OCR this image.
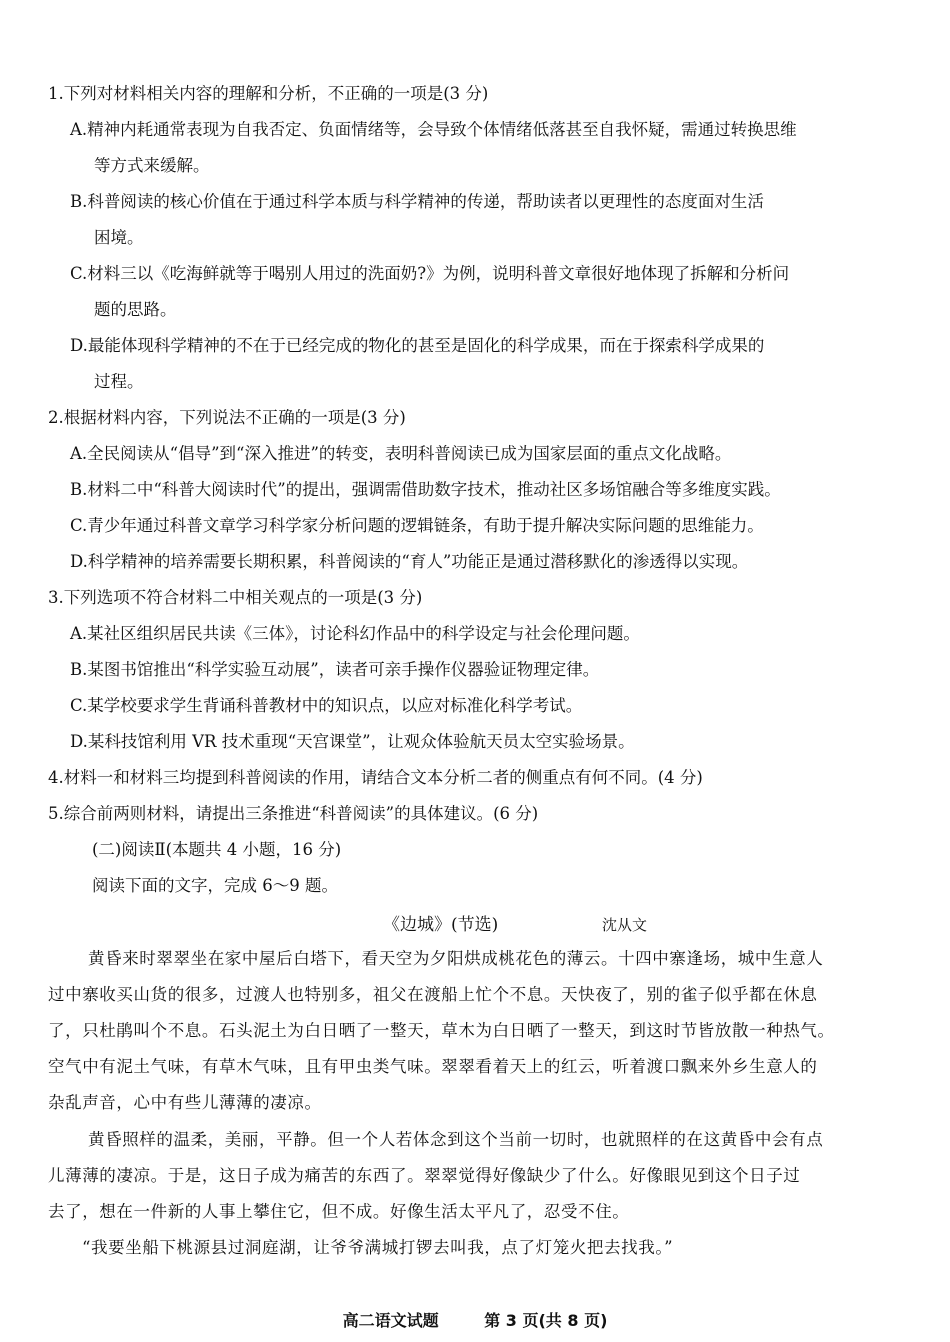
1.下列对材料相关内容的理解和分析，不正确的一项是(3 分)
A.精神内耗通常表现为自我否定、负面情绪等，会导致个体情绪低落甚至自我怀疑，需通过转换思维
等方式来缓解。
B.科普阅读的核心价值在于通过科学本质与科学精神的传递，帮助读者以更理性的态度面对生活
困境。
C.材料三以《吃海鲜就等于喝别人用过的洗面奶?》为例，说明科普文章很好地体现了拆解和分析问
题的思路。
D.最能体现科学精神的不在于已经完成的物化的甚至是固化的科学成果，而在于探索科学成果的
过程。
2.根据材料内容，下列说法不正确的一项是(3 分)
A.全民阅读从“倡导”到“深入推进”的转变，表明科普阅读已成为国家层面的重点文化战略。
B.材料二中“科普大阅读时代”的提出，强调需借助数字技术，推动社区多场馆融合等多维度实践。
C.青少年通过科普文章学习科学家分析问题的逻辑链条，有助于提升解决实际问题的思维能力。
D.科学精神的培养需要长期积累，科普阅读的“育人”功能正是通过潜移默化的渗透得以实现。
3.下列选项不符合材料二中相关观点的一项是(3 分)
A.某社区组织居民共读《三体》，讨论科幻作品中的科学设定与社会伦理问题。
B.某图书馆推出“科学实验互动展”，读者可亲手操作仪器验证物理定律。
C.某学校要求学生背诵科普教材中的知识点，以应对标准化科学考试。
D.某科技馆利用 VR 技术重现“天宫课堂”，让观众体验航天员太空实验场景。
4.材料一和材料三均提到科普阅读的作用，请结合文本分析二者的侧重点有何不同。(4 分)
5.综合前两则材料，请提出三条推进“科普阅读”的具体建议。(6 分)
(二)阅读Ⅱ(本题共 4 小题，16 分)
阅读下面的文字，完成 6～9 题。
《边城》(节选)	沈从文
黄昏来时翠翠坐在家中屋后白塔下，看天空为夕阳烘成桃花色的薄云。十四中寨逢场，城中生意人
过中寨收买山货的很多，过渡人也特别多，祖父在渡船上忙个不息。天快夜了，别的雀子似乎都在休息
了，只杜鹃叫个不息。石头泥土为白日晒了一整天，草木为白日晒了一整天，到这时节皆放散一种热气。
空气中有泥土气味，有草木气味，且有甲虫类气味。翠翠看着天上的红云，听着渡口飘来外乡生意人的
杂乱声音，心中有些儿薄薄的凄凉。
黄昏照样的温柔，美丽，平静。但一个人若体念到这个当前一切时，也就照样的在这黄昏中会有点
儿薄薄的凄凉。于是，这日子成为痛苦的东西了。翠翠觉得好像缺少了什么。好像眼见到这个日子过
去了，想在一件新的人事上攀住它，但不成。好像生活太平凡了，忍受不住。
“我要坐船下桃源县过洞庭湖，让爷爷满城打锣去叫我，点了灯笼火把去找我。”
高二语文试题	第 3 页(共 8 页)
